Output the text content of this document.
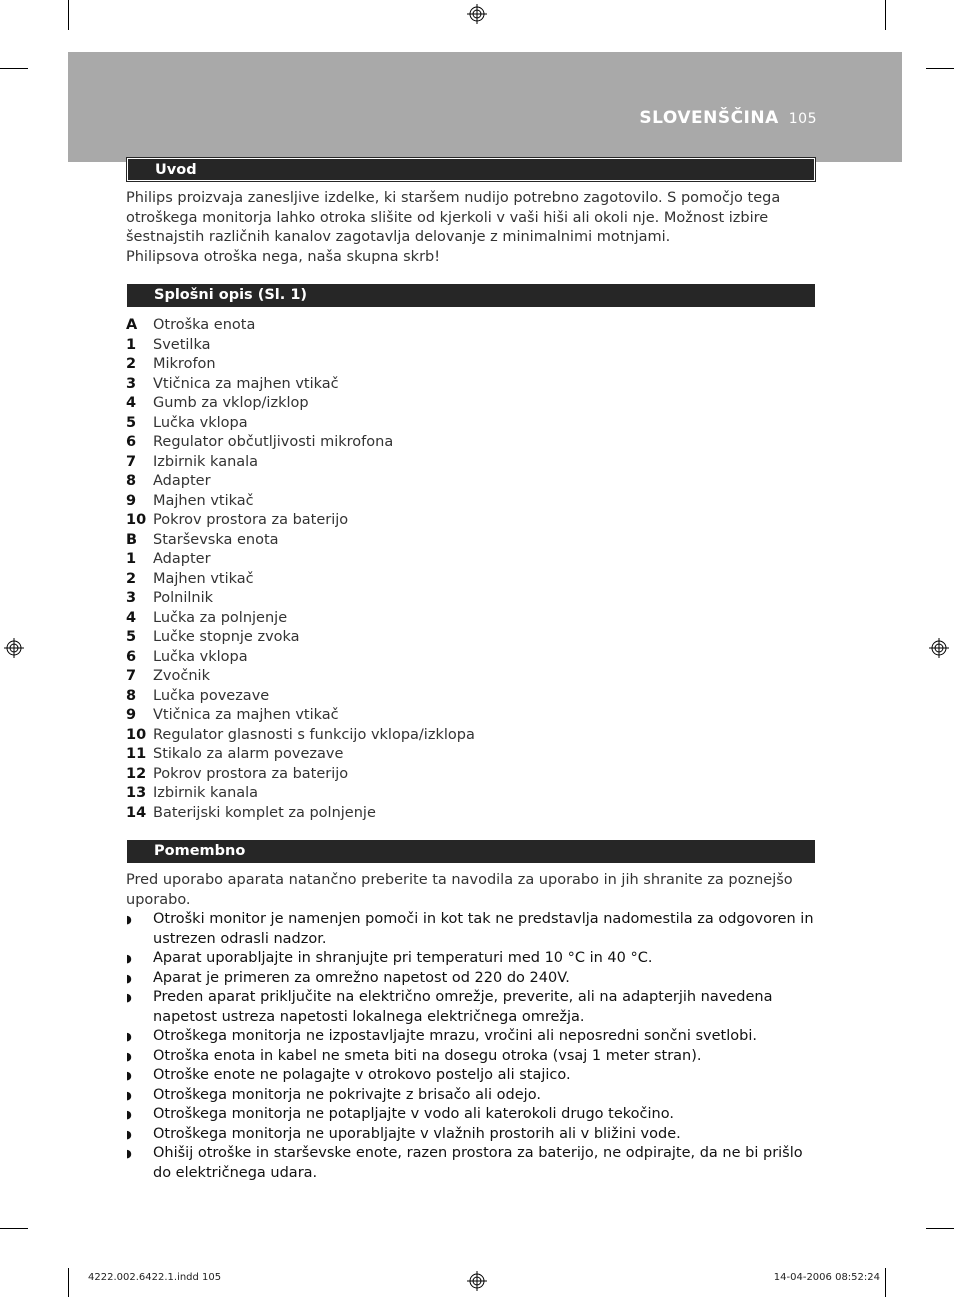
SLOVENŠČINA 105
Uvod
Philips proizvaja zanesljive izdelke, ki staršem nudijo potrebno zagotovilo. S pomočjo tega otroškega monitorja lahko otroka slišite od kjerkoli v vaši hiši ali okoli nje. Možnost izbire šestnajstih različnih kanalov zagotavlja delovanje z minimalnimi motnjami.
Philipsova otroška nega, naša skupna skrb!
Splošni opis (Sl. 1)
A	Otroška enota
1	Svetilka
2	Mikrofon
3	Vtičnica za majhen vtikač
4	Gumb za vklop/izklop
5	Lučka vklopa
6	Regulator občutljivosti mikrofona
7	Izbirnik kanala
8	Adapter
9	Majhen vtikač
10 Pokrov prostora za baterijo
B	Starševska enota
1	Adapter
2	Majhen vtikač
3	Polnilnik
4	Lučka za polnjenje
5	Lučke stopnje zvoka
6	Lučka vklopa
7	Zvočnik
8	Lučka povezave
9	Vtičnica za majhen vtikač
10 Regulator glasnosti s funkcijo vklopa/izklopa
11 Stikalo za alarm povezave
12 Pokrov prostora za baterijo
13 Izbirnik kanala
14 Baterijski komplet za polnjenje
Pomembno
Pred uporabo aparata natančno preberite ta navodila za uporabo in jih shranite za poznejšo uporabo.
◗	Otroški monitor je namenjen pomoči in kot tak ne predstavlja nadomestila za odgovoren in ustrezen odrasli nadzor.
◗	Aparat uporabljajte in shranjujte pri temperaturi med 10 °C in 40 °C.
◗	Aparat je primeren za omrežno napetost od 220 do 240V.
◗	Preden aparat priključite na električno omrežje, preverite, ali na adapterjih navedena napetost ustreza napetosti lokalnega električnega omrežja.
◗	Otroškega monitorja ne izpostavljajte mrazu, vročini ali neposredni sončni svetlobi.
◗	Otroška enota in kabel ne smeta biti na dosegu otroka (vsaj 1 meter stran).
◗	Otroške enote ne polagajte v otrokovo posteljo ali stajico.
◗	Otroškega monitorja ne pokrivajte z brisačo ali odejo.
◗	Otroškega monitorja ne potapljajte v vodo ali katerokoli drugo tekočino.
◗	Otroškega monitorja ne uporabljajte v vlažnih prostorih ali v bližini vode.
◗	Ohišij otroške in starševske enote, razen prostora za baterijo, ne odpirajte, da ne bi prišlo do električnega udara.
4222.002.6422.1.indd 105	14-04-2006 08:52:24
